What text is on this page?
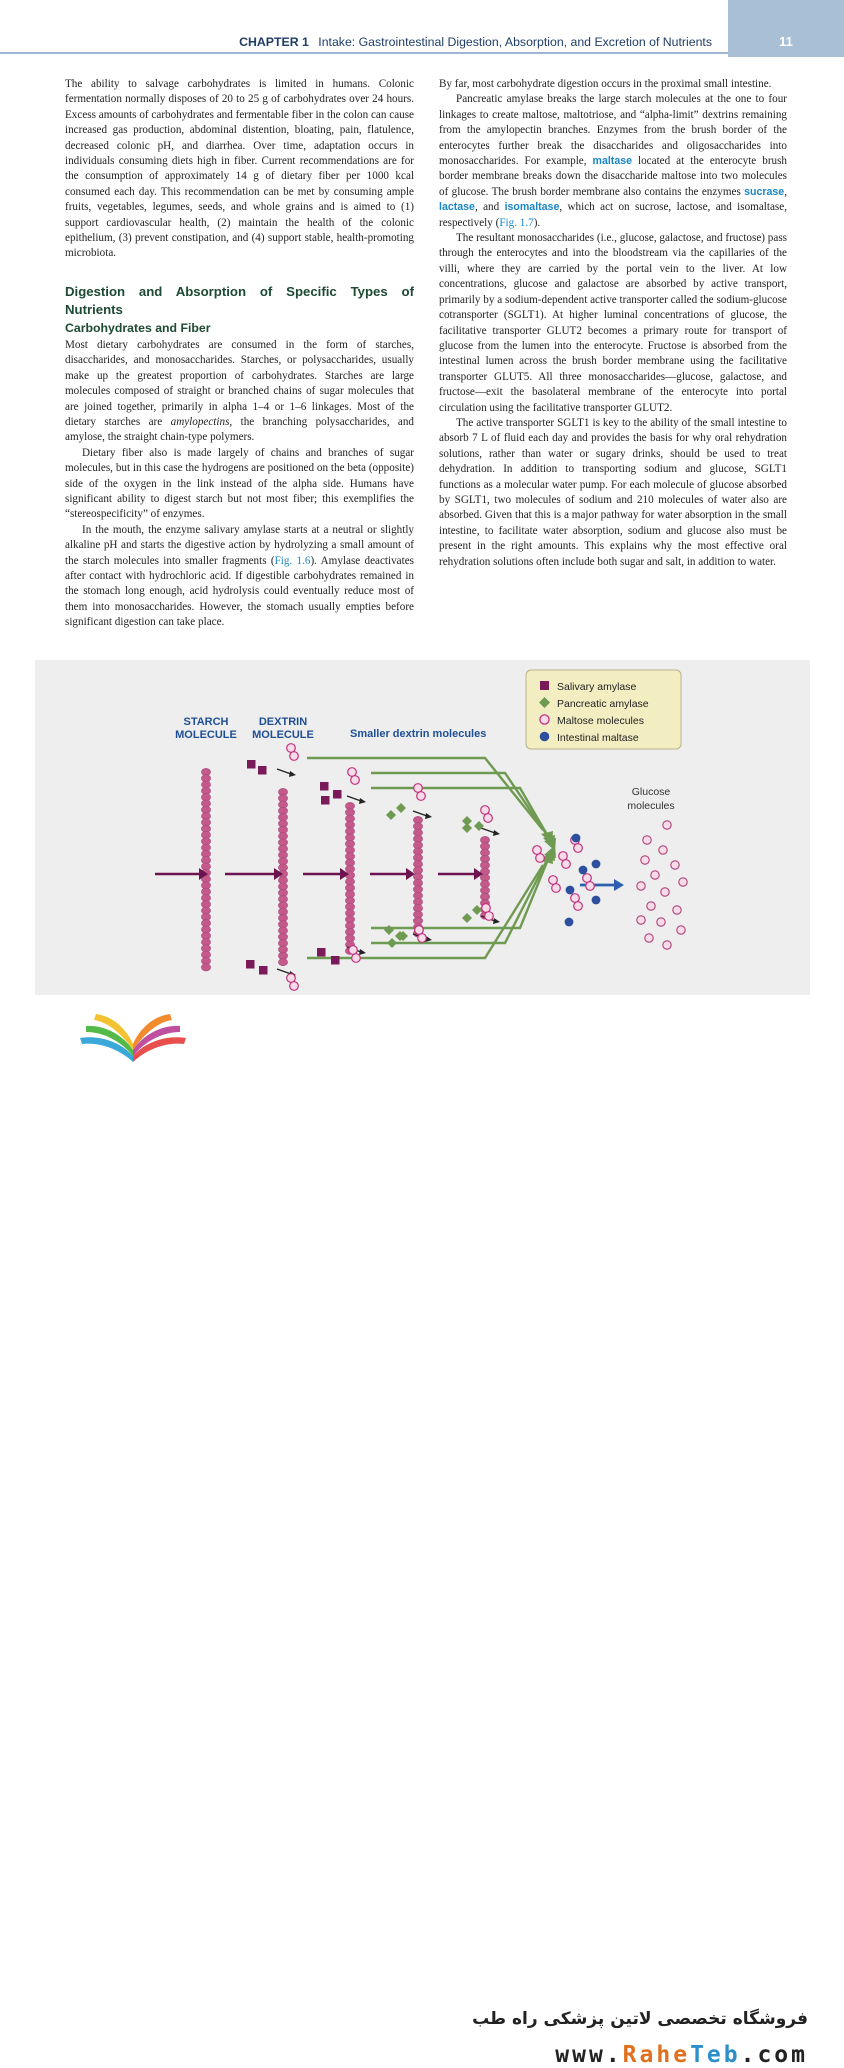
CHAPTER 1 Intake: Gastrointestinal Digestion, Absorption, and Excretion of Nutrients	11

The ability to salvage carbohydrates is limited in humans. Colonic fermentation normally disposes of 20 to 25 g of carbohydrates over 24 hours. Excess amounts of carbohydrates and fermentable fiber in the colon can cause increased gas production, abdominal distention, bloating, pain, flatulence, decreased colonic pH, and diarrhea. Over time, adaptation occurs in individuals consuming diets high in fiber. Current recommendations are for the consumption of approximately 14 g of dietary fiber per 1000 kcal consumed each day. This recommendation can be met by consuming ample fruits, vegetables, legumes, seeds, and whole grains and is aimed to (1) support cardiovascular health, (2) maintain the health of the colonic epithelium, (3) prevent constipation, and (4) support stable, health-promoting microbiota.

Digestion and Absorption of Specific Types of Nutrients
Carbohydrates and Fiber

Most dietary carbohydrates are consumed in the form of starches, disaccharides, and monosaccharides. Starches, or polysaccharides, usually make up the greatest proportion of carbohydrates. Starches are large molecules composed of straight or branched chains of sugar molecules that are joined together, primarily in alpha 1–4 or 1–6 linkages. Most of the dietary starches are amylopectins, the branching polysaccharides, and amylose, the straight chain-type polymers.

Dietary fiber also is made largely of chains and branches of sugar molecules, but in this case the hydrogens are positioned on the beta (opposite) side of the oxygen in the link instead of the alpha side. Humans have significant ability to digest starch but not most fiber; this exemplifies the “stereospecificity” of enzymes.

In the mouth, the enzyme salivary amylase starts at a neutral or slightly alkaline pH and starts the digestive action by hydrolyzing a small amount of the starch molecules into smaller fragments (Fig. 1.6). Amylase deactivates after contact with hydrochloric acid. If digestible carbohydrates remained in the stomach long enough, acid hydrolysis could eventually reduce most of them into monosaccharides. However, the stomach usually empties before significant digestion can take place.

By far, most carbohydrate digestion occurs in the proximal small intestine.

Pancreatic amylase breaks the large starch molecules at the one to four linkages to create maltose, maltotriose, and “alpha-limit” dextrins remaining from the amylopectin branches. Enzymes from the brush border of the enterocytes further break the disaccharides and oligosaccharides into monosaccharides. For example, maltase located at the enterocyte brush border membrane breaks down the disaccharide maltose into two molecules of glucose. The brush border membrane also contains the enzymes sucrase, lactase, and isomaltase, which act on sucrose, lactose, and isomaltase, respectively (Fig. 1.7).

The resultant monosaccharides (i.e., glucose, galactose, and fructose) pass through the enterocytes and into the bloodstream via the capillaries of the villi, where they are carried by the portal vein to the liver. At low concentrations, glucose and galactose are absorbed by active transport, primarily by a sodium-dependent active transporter called the sodium-glucose cotransporter (SGLT1). At higher luminal concentrations of glucose, the facilitative transporter GLUT2 becomes a primary route for transport of glucose from the lumen into the enterocyte. Fructose is absorbed from the intestinal lumen across the brush border membrane using the facilitative transporter GLUT5. All three monosaccharides—glucose, galactose, and fructose—exit the basolateral membrane of the enterocyte into portal circulation using the facilitative transporter GLUT2.

The active transporter SGLT1 is key to the ability of the small intestine to absorb 7 L of fluid each day and provides the basis for why oral rehydration solutions, rather than water or sugary drinks, should be used to treat dehydration. In addition to transporting sodium and glucose, SGLT1 functions as a molecular water pump. For each molecule of glucose absorbed by SGLT1, two molecules of sodium and 210 molecules of water also are absorbed. Given that this is a major pathway for water absorption in the small intestine, to facilitate water absorption, sodium and glucose also must be present in the right amounts. This explains why the most effective oral rehydration solutions often include both sugar and salt, in addition to water.

STARCH
MOLECULE
DEXTRIN
MOLECULE	Smaller dextrin molecules
Glucose
molecules
Salivary amylase
Pancreatic amylase
Maltose molecules
Intestinal maltase
فروشگاه تخصصی لاتین پزشکی راه طب
www.RaheTeb.com
